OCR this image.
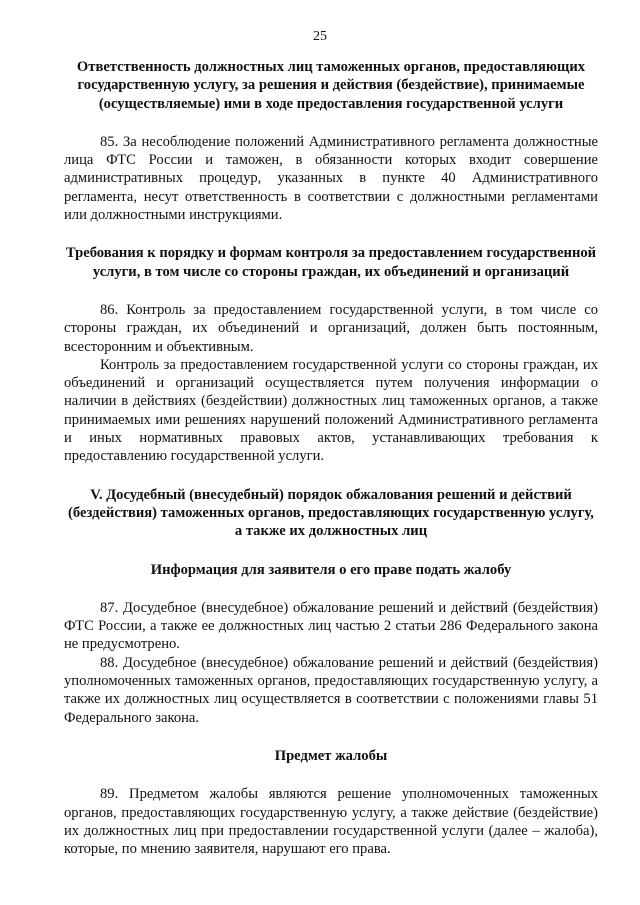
25

Ответственность должностных лиц таможенных органов, предоставляющих государственную услугу, за решения и действия (бездействие), принимаемые (осуществляемые) ими в ходе предоставления государственной услуги

85. За несоблюдение положений Административного регламента должностные лица ФТС России и таможен, в обязанности которых входит совершение административных процедур, указанных в пункте 40 Административного регламента, несут ответственность в соответствии с должностными регламентами или должностными инструкциями.

Требования к порядку и формам контроля за предоставлением государственной услуги, в том числе со стороны граждан, их объединений и организаций

86. Контроль за предоставлением государственной услуги, в том числе со стороны граждан, их объединений и организаций, должен быть постоянным, всесторонним и объективным.

Контроль за предоставлением государственной услуги со стороны граждан, их объединений и организаций осуществляется путем получения информации о наличии в действиях (бездействии) должностных лиц таможенных органов, а также принимаемых ими решениях нарушений положений Административного регламента и иных нормативных правовых актов, устанавливающих требования к предоставлению государственной услуги.

V. Досудебный (внесудебный) порядок обжалования решений и действий (бездействия) таможенных органов, предоставляющих государственную услугу, а также их должностных лиц

Информация для заявителя о его праве подать жалобу

87. Досудебное (внесудебное) обжалование решений и действий (бездействия) ФТС России, а также ее должностных лиц частью 2 статьи 286 Федерального закона не предусмотрено.

88. Досудебное (внесудебное) обжалование решений и действий (бездействия) уполномоченных таможенных органов, предоставляющих государственную услугу, а также их должностных лиц осуществляется в соответствии с положениями главы 51 Федерального закона.

Предмет жалобы

89. Предметом жалобы являются решение уполномоченных таможенных органов, предоставляющих государственную услугу, а также действие (бездействие) их должностных лиц при предоставлении государственной услуги (далее – жалоба), которые, по мнению заявителя, нарушают его права.
